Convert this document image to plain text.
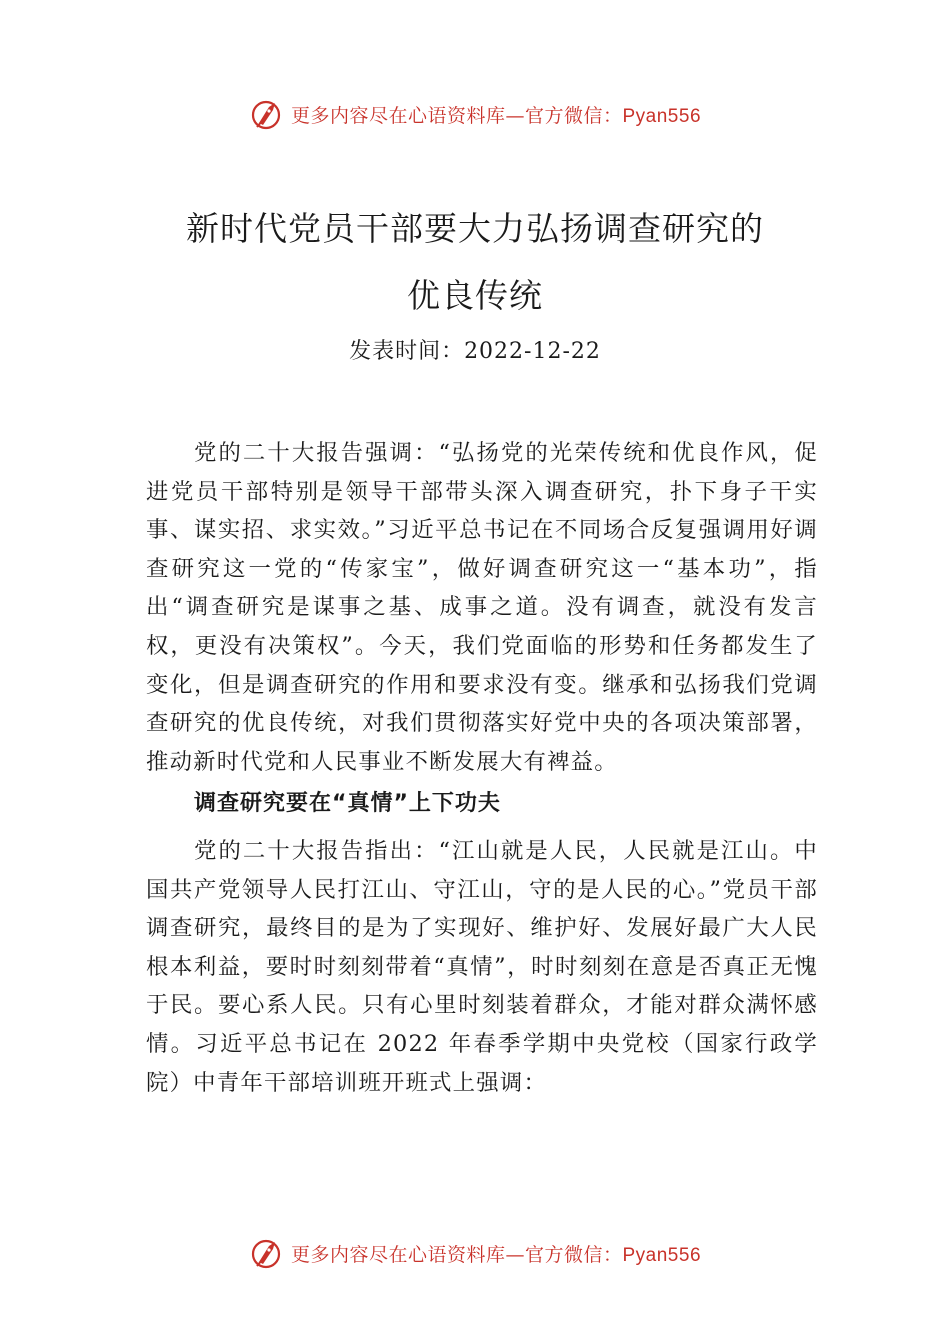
更多内容尽在心语资料库—官方微信：Pyan556
新时代党员干部要大力弘扬调查研究的
优良传统
发表时间：2022-12-22

党的二十大报告强调：“弘扬党的光荣传统和优良作风，促进党员干部特别是领导干部带头深入调查研究，扑下身子干实事、谋实招、求实效。”习近平总书记在不同场合反复强调用好调查研究这一党的“传家宝”，做好调查研究这一“基本功”，指出“调查研究是谋事之基、成事之道。没有调查，就没有发言权，更没有决策权”。今天，我们党面临的形势和任务都发生了变化，但是调查研究的作用和要求没有变。继承和弘扬我们党调查研究的优良传统，对我们贯彻落实好党中央的各项决策部署，推动新时代党和人民事业不断发展大有裨益。

调查研究要在“真情”上下功夫

党的二十大报告指出：“江山就是人民，人民就是江山。中国共产党领导人民打江山、守江山，守的是人民的心。”党员干部调查研究，最终目的是为了实现好、维护好、发展好最广大人民根本利益，要时时刻刻带着“真情”，时时刻刻在意是否真正无愧于民。要心系人民。只有心里时刻装着群众，才能对群众满怀感情。习近平总书记在 2022 年春季学期中央党校（国家行政学院）中青年干部培训班开班式上强调：

更多内容尽在心语资料库—官方微信：Pyan556
